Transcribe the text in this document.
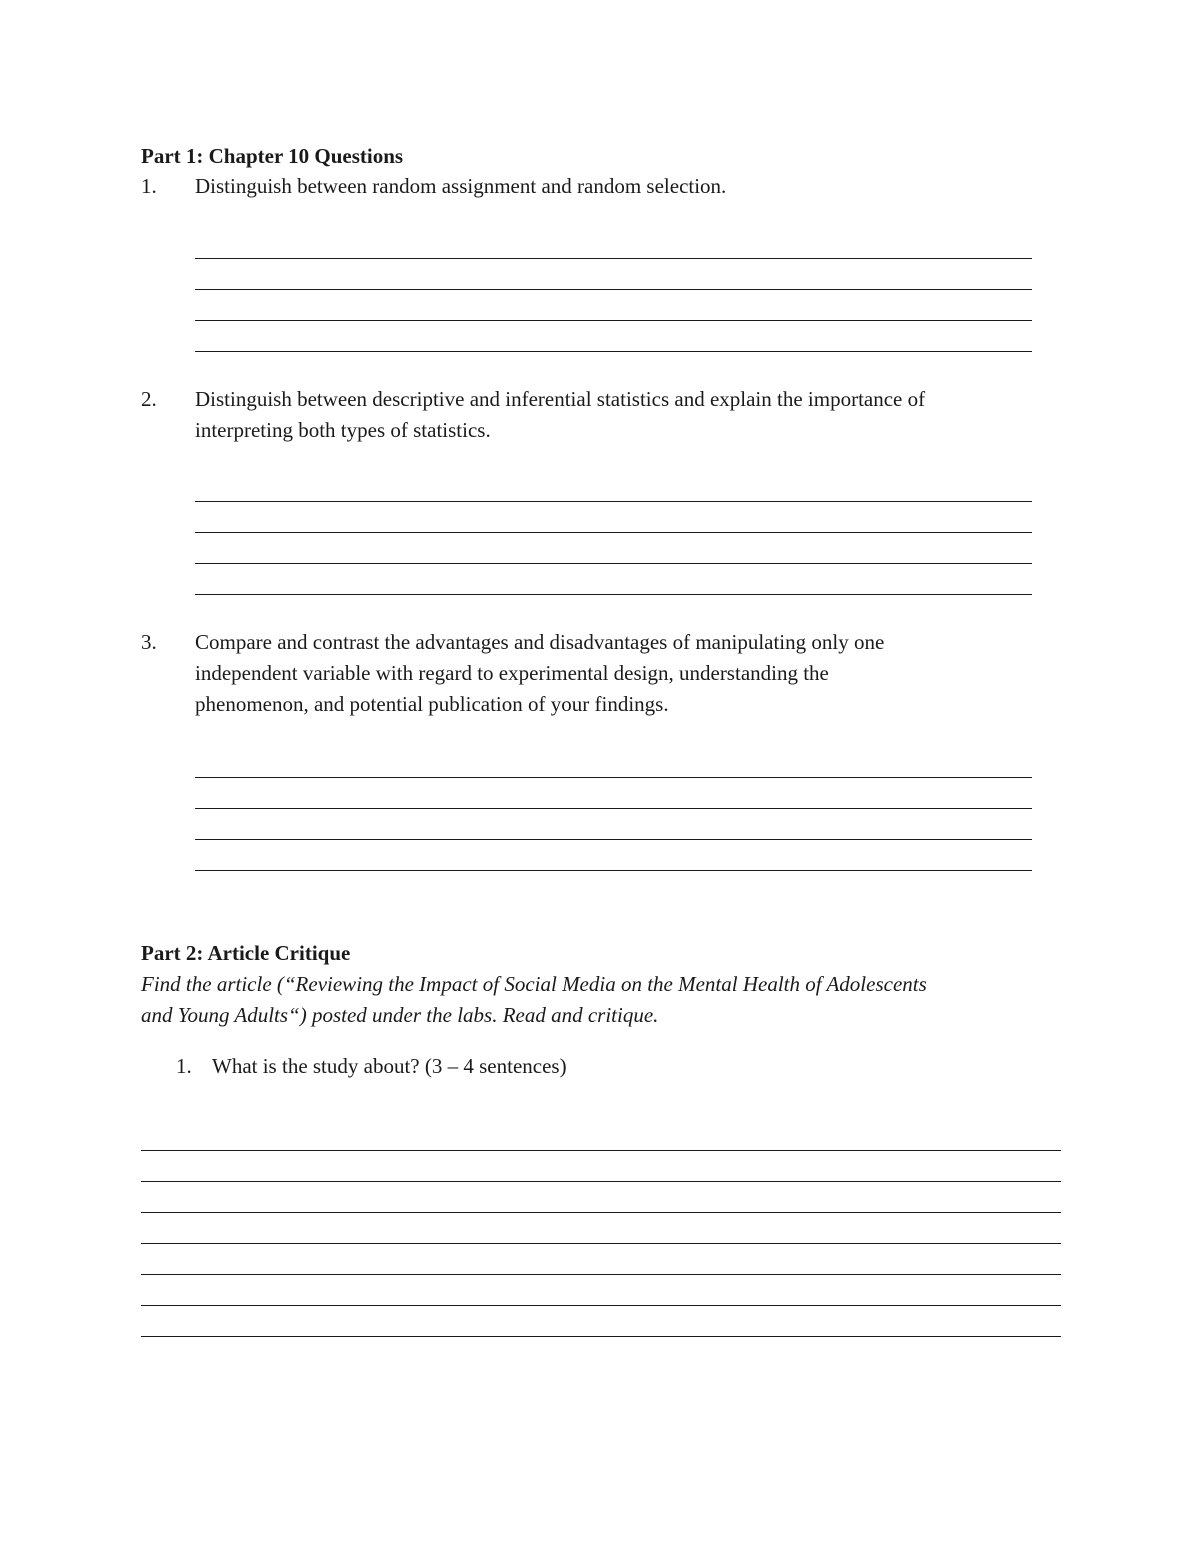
Part 1: Chapter 10 Questions
1. Distinguish between random assignment and random selection.
2. Distinguish between descriptive and inferential statistics and explain the importance of
interpreting both types of statistics.
3. Compare and contrast the advantages and disadvantages of manipulating only one
independent variable with regard to experimental design, understanding the
phenomenon, and potential publication of your findings.
Part 2: Article Critique
Find the article (“Reviewing the Impact of Social Media on the Mental Health of Adolescents
and Young Adults“) posted under the labs. Read and critique.
1. What is the study about? (3 – 4 sentences)
